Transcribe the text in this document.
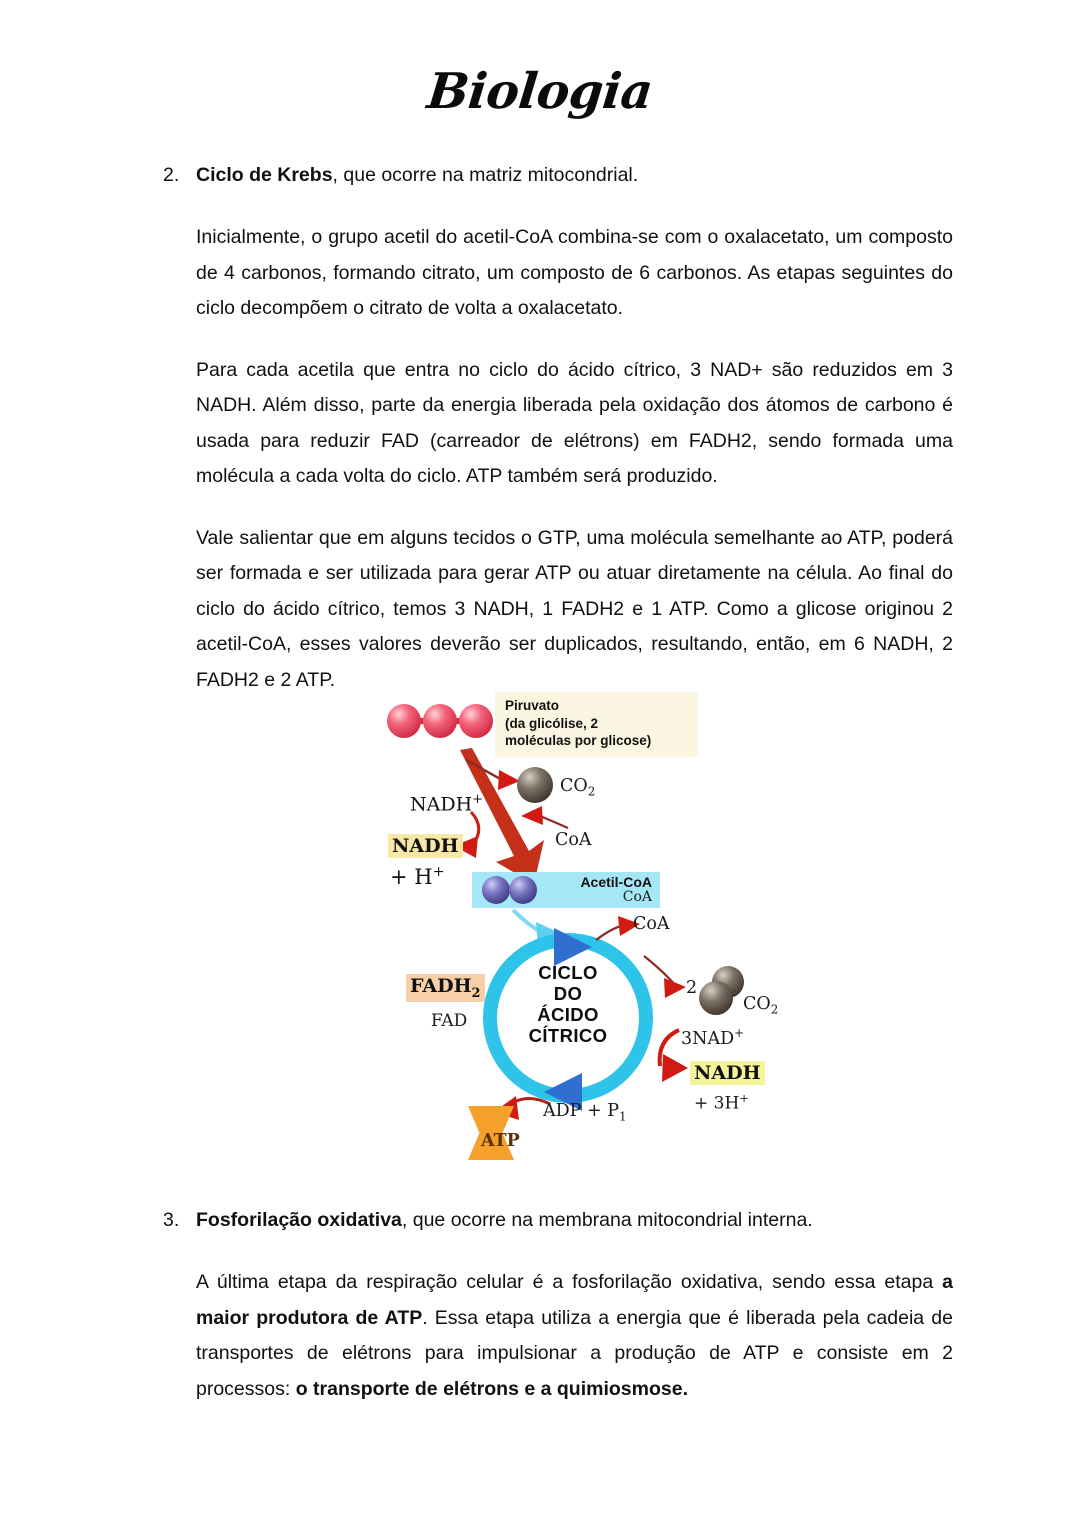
Biologia
2. Ciclo de Krebs, que ocorre na matriz mitocondrial.

Inicialmente, o grupo acetil do acetil-CoA combina-se com o oxalacetato, um composto de 4 carbonos, formando citrato, um composto de 6 carbonos. As etapas seguintes do ciclo decompõem o citrato de volta a oxalacetato.

Para cada acetila que entra no ciclo do ácido cítrico, 3 NAD+ são reduzidos em 3 NADH. Além disso, parte da energia liberada pela oxidação dos átomos de carbono é usada para reduzir FAD (carreador de elétrons) em FADH2, sendo formada uma molécula a cada volta do ciclo. ATP também será produzido.

Vale salientar que em alguns tecidos o GTP, uma molécula semelhante ao ATP, poderá ser formada e ser utilizada para gerar ATP ou atuar diretamente na célula. Ao final do ciclo do ácido cítrico, temos 3 NADH, 1 FADH2 e 1 ATP. Como a glicose originou 2 acetil-CoA, esses valores deverão ser duplicados, resultando, então, em 6 NADH, 2 FADH2 e 2 ATP.

Piruvato
(da glicólise, 2
moléculas por glicose)
Acetil-CoA
CoA
CICLO
DO
ÁCIDO
CÍTRICO
NADH+
NADH
+ H+
$CO_2$
CoA
CoA
$FADH_2$
FAD
2
$CO_2$
3NAD+
NADH
+ 3H+
ADP + $P_1$
ATP
3. Fosforilação oxidativa, que ocorre na membrana mitocondrial interna.

A última etapa da respiração celular é a fosforilação oxidativa, sendo essa etapa a maior produtora de ATP. Essa etapa utiliza a energia que é liberada pela cadeia de transportes de elétrons para impulsionar a produção de ATP e consiste em 2 processos: o transporte de elétrons e a quimiosmose.
